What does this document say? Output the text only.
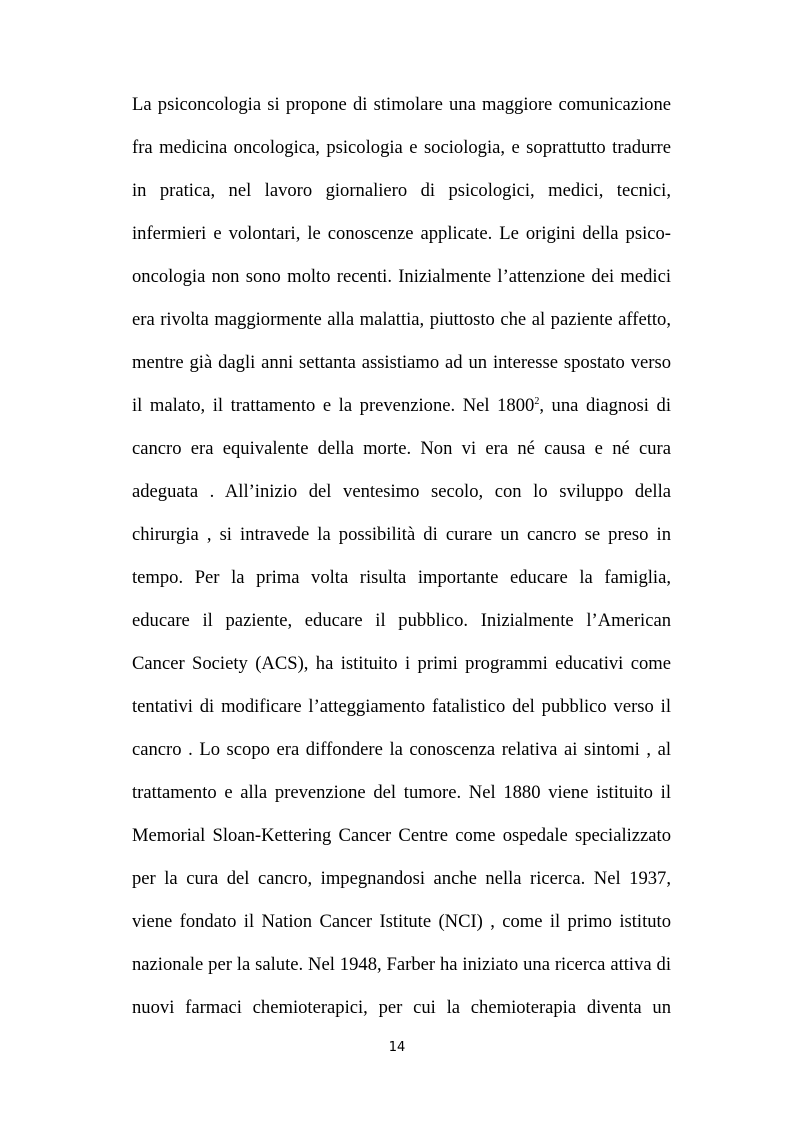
La psiconcologia si propone di stimolare una maggiore comunicazione
fra medicina oncologica, psicologia e sociologia, e soprattutto tradurre
in pratica, nel lavoro giornaliero di psicologici, medici, tecnici,
infermieri e volontari, le conoscenze applicate. Le origini della psico-
oncologia non sono molto recenti. Inizialmente l’attenzione dei medici
era rivolta maggiormente alla malattia, piuttosto che al paziente affetto,
mentre già dagli anni settanta assistiamo ad un interesse spostato verso
il malato, il trattamento e la prevenzione. Nel 1800$^2$, una diagnosi di
cancro era equivalente della morte. Non vi era né causa e né cura
adeguata . All’inizio del ventesimo secolo, con lo sviluppo della
chirurgia , si intravede la possibilità di curare un cancro se preso in
tempo. Per la prima volta risulta importante educare la famiglia,
educare il paziente, educare il pubblico. Inizialmente l’American
Cancer Society (ACS), ha istituito i primi programmi educativi come
tentativi di modificare l’atteggiamento fatalistico del pubblico verso il
cancro . Lo scopo era diffondere la conoscenza relativa ai sintomi , al
trattamento e alla prevenzione del tumore. Nel 1880 viene istituito il
Memorial Sloan-Kettering Cancer Centre come ospedale specializzato
per la cura del cancro, impegnandosi anche nella ricerca. Nel 1937,
viene fondato il Nation Cancer Istitute (NCI) , come il primo istituto
nazionale per la salute. Nel 1948, Farber ha iniziato una ricerca attiva di
nuovi farmaci chemioterapici, per cui la chemioterapia diventa un
14
